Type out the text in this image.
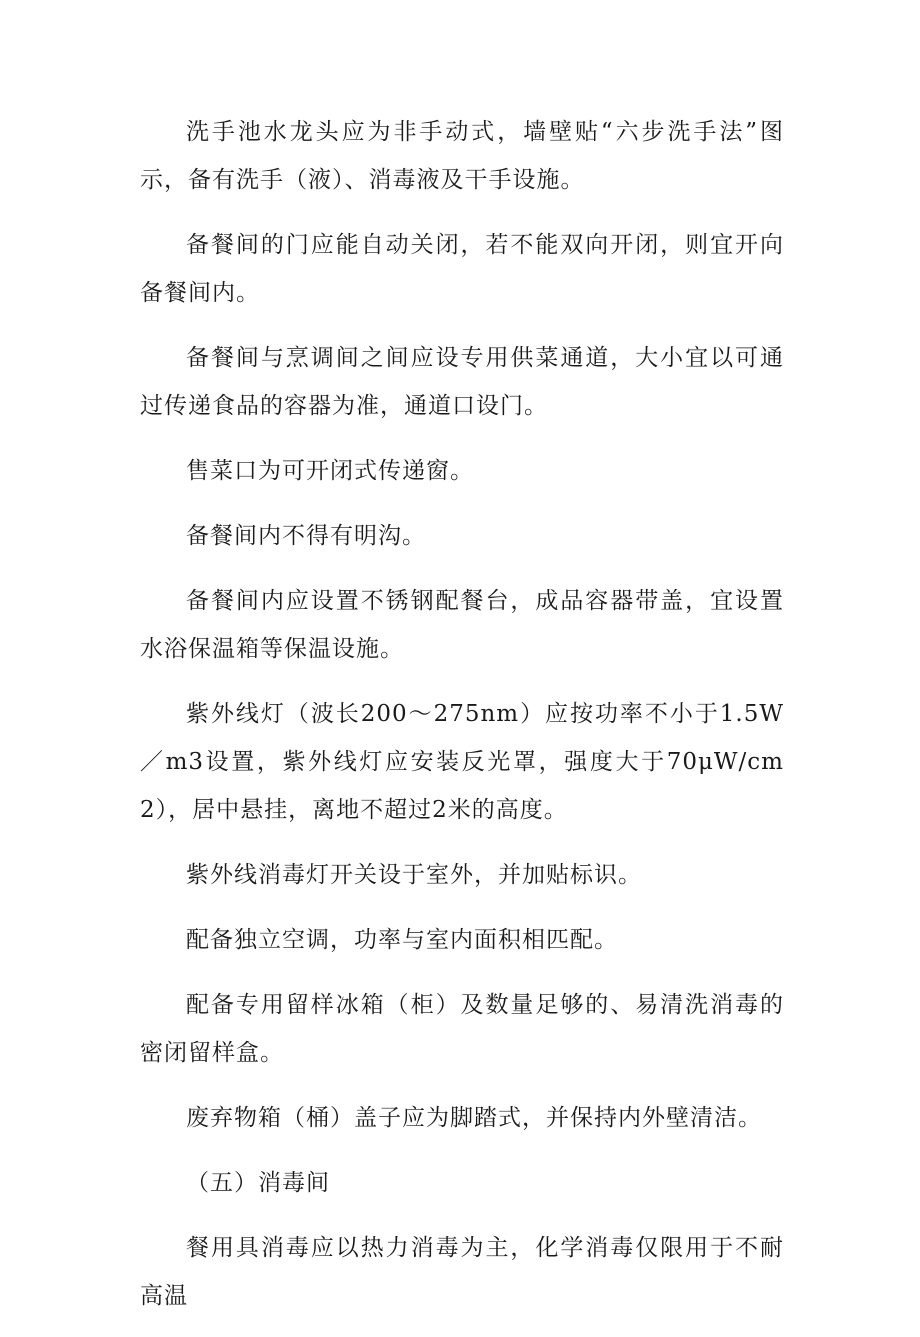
洗手池水龙头应为非手动式，墙壁贴“六步洗手法”图示，备有洗手（液）、消毒液及干手设施。

备餐间的门应能自动关闭，若不能双向开闭，则宜开向备餐间内。

备餐间与烹调间之间应设专用供菜通道，大小宜以可通过传递食品的容器为准，通道口设门。

售菜口为可开闭式传递窗。

备餐间内不得有明沟。

备餐间内应设置不锈钢配餐台，成品容器带盖，宜设置水浴保温箱等保温设施。

紫外线灯（波长200～275nm）应按功率不小于1.5W／m3设置，紫外线灯应安装反光罩，强度大于70μW/cm2），居中悬挂，离地不超过2米的高度。

紫外线消毒灯开关设于室外，并加贴标识。

配备独立空调，功率与室内面积相匹配。

配备专用留样冰箱（柜）及数量足够的、易清洗消毒的密闭留样盒。

废弃物箱（桶）盖子应为脚踏式，并保持内外壁清洁。

（五）消毒间

餐用具消毒应以热力消毒为主，化学消毒仅限用于不耐高温
